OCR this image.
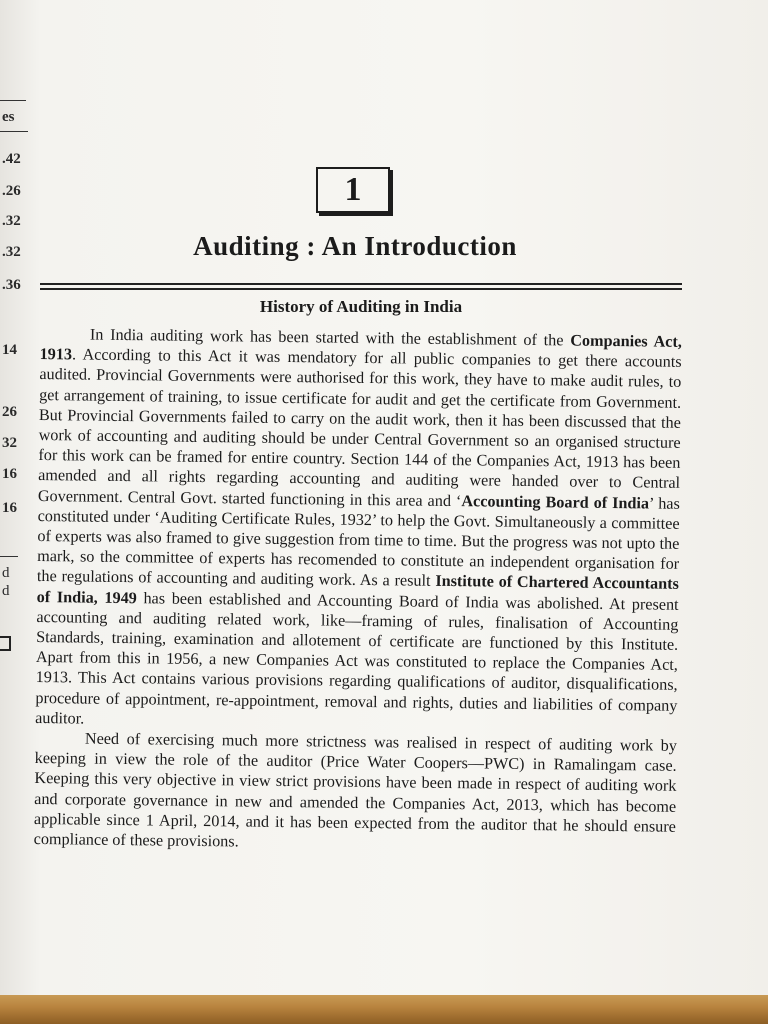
es
.42
.26
.32
.32
.36
14
26
32
16
16
d
d
1
Auditing : An Introduction
History of Auditing in India

In India auditing work has been started with the establishment of the Companies Act, 1913. According to this Act it was mendatory for all public companies to get there accounts audited. Provincial Governments were authorised for this work, they have to make audit rules, to get arrangement of training, to issue certificate for audit and get the certificate from Government. But Provincial Governments failed to carry on the audit work, then it has been discussed that the work of accounting and auditing should be under Central Government so an organised structure for this work can be framed for entire country. Section 144 of the Companies Act, 1913 has been amended and all rights regarding accounting and auditing were handed over to Central Government. Central Govt. started functioning in this area and ‘Accounting Board of India’ has constituted under ‘Auditing Certificate Rules, 1932’ to help the Govt. Simultaneously a committee of experts was also framed to give suggestion from time to time. But the progress was not upto the mark, so the committee of experts has recomended to constitute an independent organisation for the regulations of accounting and auditing work. As a result Institute of Chartered Accountants of India, 1949 has been established and Accounting Board of India was abolished. At present accounting and auditing related work, like—framing of rules, finalisation of Accounting Standards, training, examination and allotement of certificate are functioned by this Institute. Apart from this in 1956, a new Companies Act was constituted to replace the Companies Act, 1913. This Act contains various provisions regarding qualifications of auditor, disqualifications, procedure of appointment, re-appointment, removal and rights, duties and liabilities of company auditor.

Need of exercising much more strictness was realised in respect of auditing work by keeping in view the role of the auditor (Price Water Coopers—PWC) in Ramalingam case. Keeping this very objective in view strict provisions have been made in respect of auditing work and corporate governance in new and amended the Companies Act, 2013, which has become applicable since 1 April, 2014, and it has been expected from the auditor that he should ensure compliance of these provisions.
